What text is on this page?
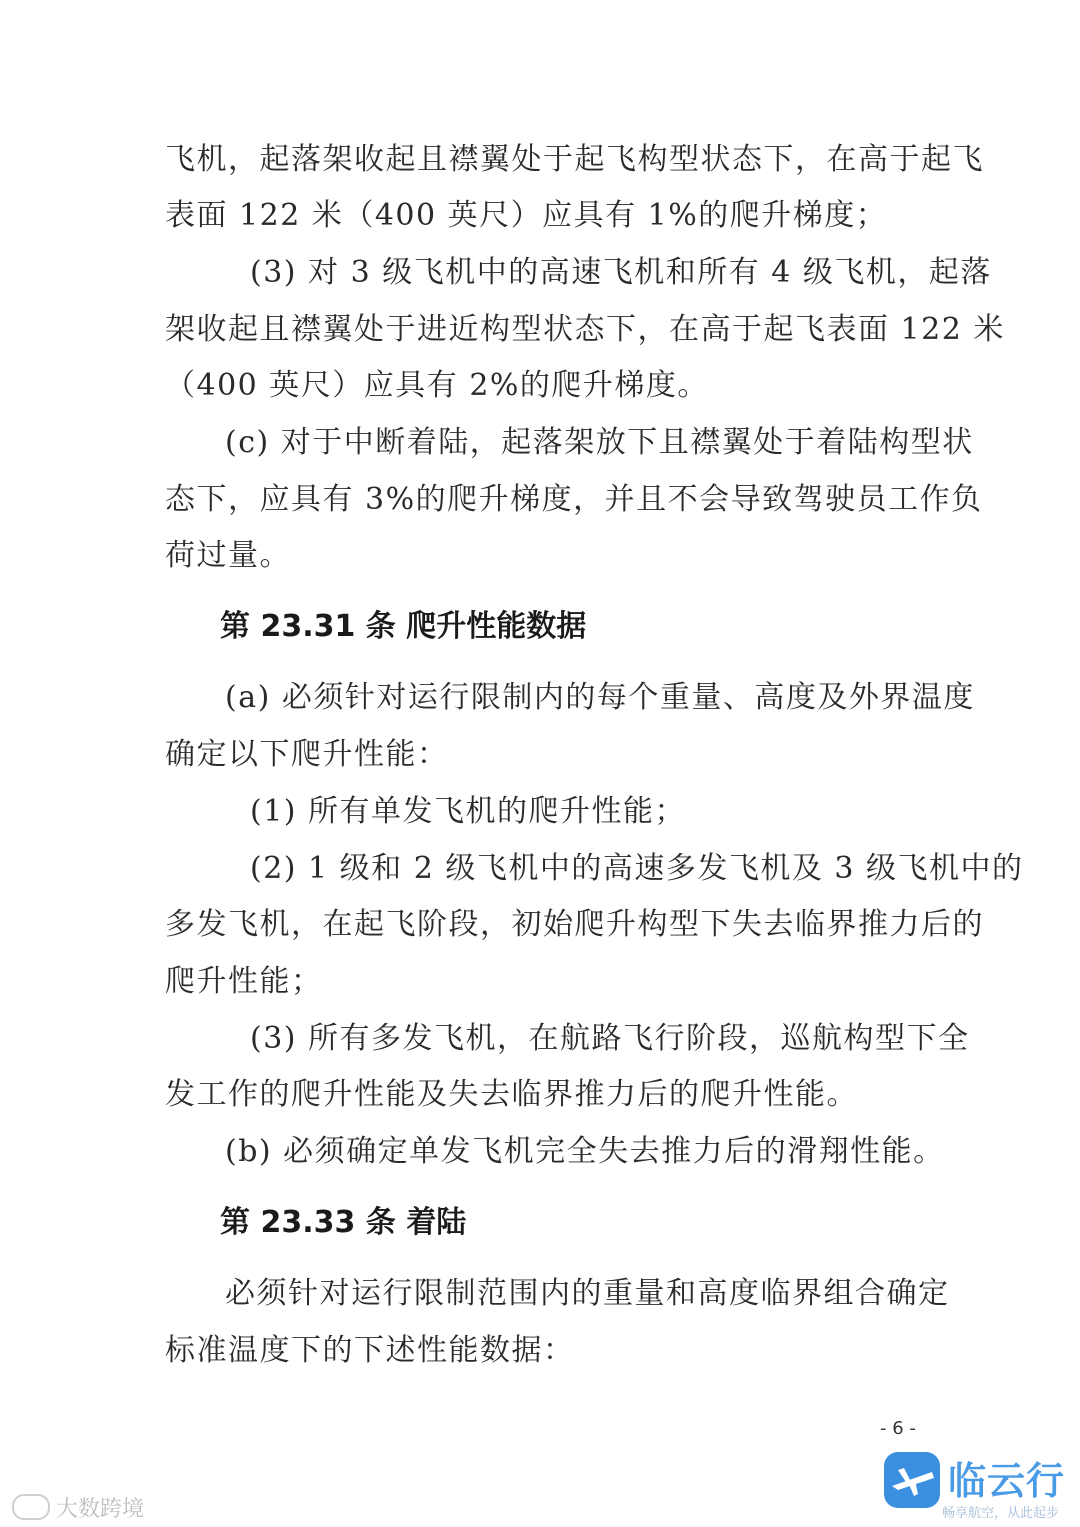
飞机，起落架收起且襟翼处于起飞构型状态下，在高于起飞
表面 122 米（400 英尺）应具有 1%的爬升梯度；
(3) 对 3 级飞机中的高速飞机和所有 4 级飞机，起落
架收起且襟翼处于进近构型状态下，在高于起飞表面 122 米
（400 英尺）应具有 2%的爬升梯度。
(c) 对于中断着陆，起落架放下且襟翼处于着陆构型状
态下，应具有 3%的爬升梯度，并且不会导致驾驶员工作负
荷过量。
第 23.31 条 爬升性能数据
(a) 必须针对运行限制内的每个重量、高度及外界温度
确定以下爬升性能：
(1) 所有单发飞机的爬升性能；
(2) 1 级和 2 级飞机中的高速多发飞机及 3 级飞机中的
多发飞机，在起飞阶段，初始爬升构型下失去临界推力后的
爬升性能；
(3) 所有多发飞机，在航路飞行阶段，巡航构型下全
发工作的爬升性能及失去临界推力后的爬升性能。
(b) 必须确定单发飞机完全失去推力后的滑翔性能。
第 23.33 条 着陆
必须针对运行限制范围内的重量和高度临界组合确定
标准温度下的下述性能数据：
- 6 -
大数跨境
临云行
畅享航空，从此起步
